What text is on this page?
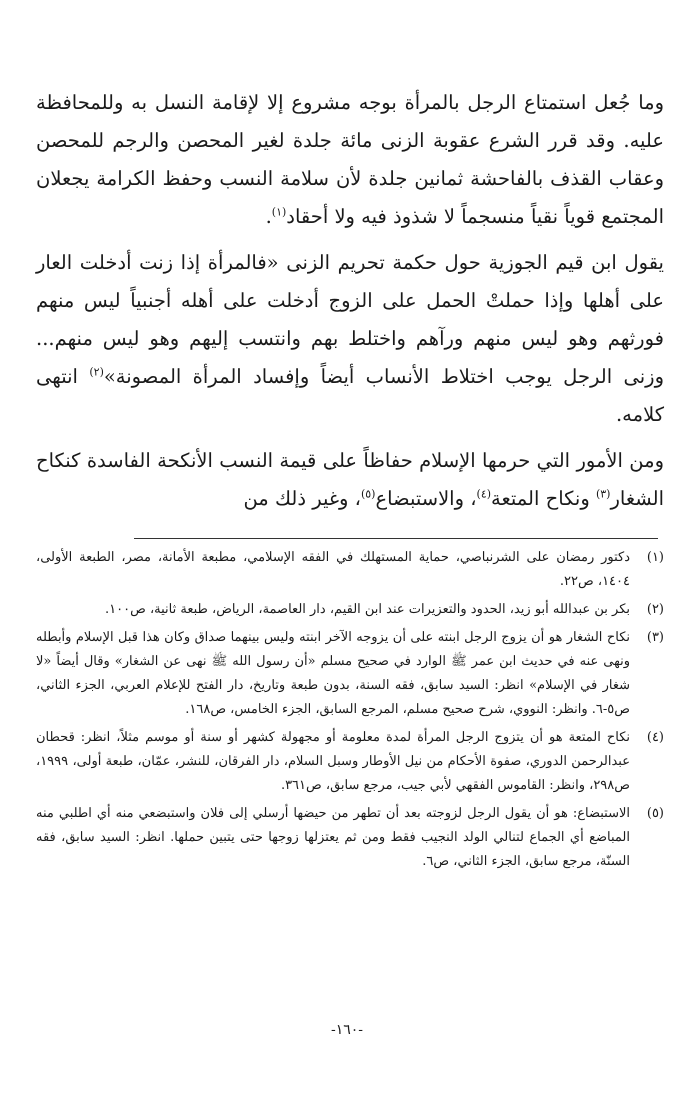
وما جُعل استمتاع الرجل بالمرأة بوجه مشروع إلا لإقامة النسل به وللمحافظة عليه. وقد قرر الشرع عقوبة الزنى مائة جلدة لغير المحصن والرجم للمحصن وعقاب القذف بالفاحشة ثمانين جلدة لأن سلامة النسب وحفظ الكرامة يجعلان المجتمع قوياً نقياً منسجماً لا شذوذ فيه ولا أحقاد$^{(١)}$.

يقول ابن قيم الجوزية حول حكمة تحريم الزنى «فالمرأة إذا زنت أدخلت العار على أهلها وإذا حملتْ الحمل على الزوج أدخلت على أهله أجنبياً ليس منهم فورثهم وهو ليس منهم ورآهم واختلط بهم وانتسب إليهم وهو ليس منهم... وزنى الرجل يوجب اختلاط الأنساب أيضاً وإفساد المرأة المصونة»$^{(٢)}$ انتهى كلامه.

ومن الأمور التي حرمها الإسلام حفاظاً على قيمة النسب الأنكحة الفاسدة كنكاح الشغار$^{(٣)}$ ونكاح المتعة$^{(٤)}$، والاستبضاع$^{(٥)}$، وغير ذلك من

(١)
دكتور رمضان على الشرنباصي، حماية المستهلك في الفقه الإسلامي، مطبعة الأمانة، مصر، الطبعة الأولى، ١٤٠٤، ص٢٢.
(٢)
بكر بن عبدالله أبو زيد، الحدود والتعزيرات عند ابن القيم، دار العاصمة، الرياض، طبعة ثانية، ص١٠٠.
(٣)
نكاح الشغار هو أن يزوج الرجل ابنته على أن يزوجه الآخر ابنته وليس بينهما صداق وكان هذا قبل الإسلام وأبطله ونهى عنه في حديث ابن عمر ﷺ الوارد في صحيح مسلم «أن رسول الله ﷺ نهى عن الشغار» وقال أيضاً «لا شغار في الإسلام» انظر: السيد سابق، فقه السنة، بدون طبعة وتاريخ، دار الفتح للإعلام العربي، الجزء الثاني، ص٥-٦. وانظر: النووي، شرح صحيح مسلم، المرجع السابق، الجزء الخامس، ص١٦٨.
(٤)
نكاح المتعة هو أن يتزوج الرجل المرأة لمدة معلومة أو مجهولة كشهر أو سنة أو موسم مثلاً، انظر: قحطان عبدالرحمن الدوري، صفوة الأحكام من نيل الأوطار وسبل السلام، دار الفرقان، للنشر، عمّان، طبعة أولى، ١٩٩٩، ص٢٩٨، وانظر: القاموس الفقهي لأبي جيب، مرجع سابق، ص٣٦١.
(٥)
الاستبضاع: هو أن يقول الرجل لزوجته بعد أن تطهر من حيضها أرسلي إلى فلان واستبضعي منه أي اطلبي منه المباضع أي الجماع لتنالي الولد النجيب فقط ومن ثم يعتزلها زوجها حتى يتبين حملها. انظر: السيد سابق، فقه السنّة، مرجع سابق، الجزء الثاني، ص٦.
-١٦٠-
